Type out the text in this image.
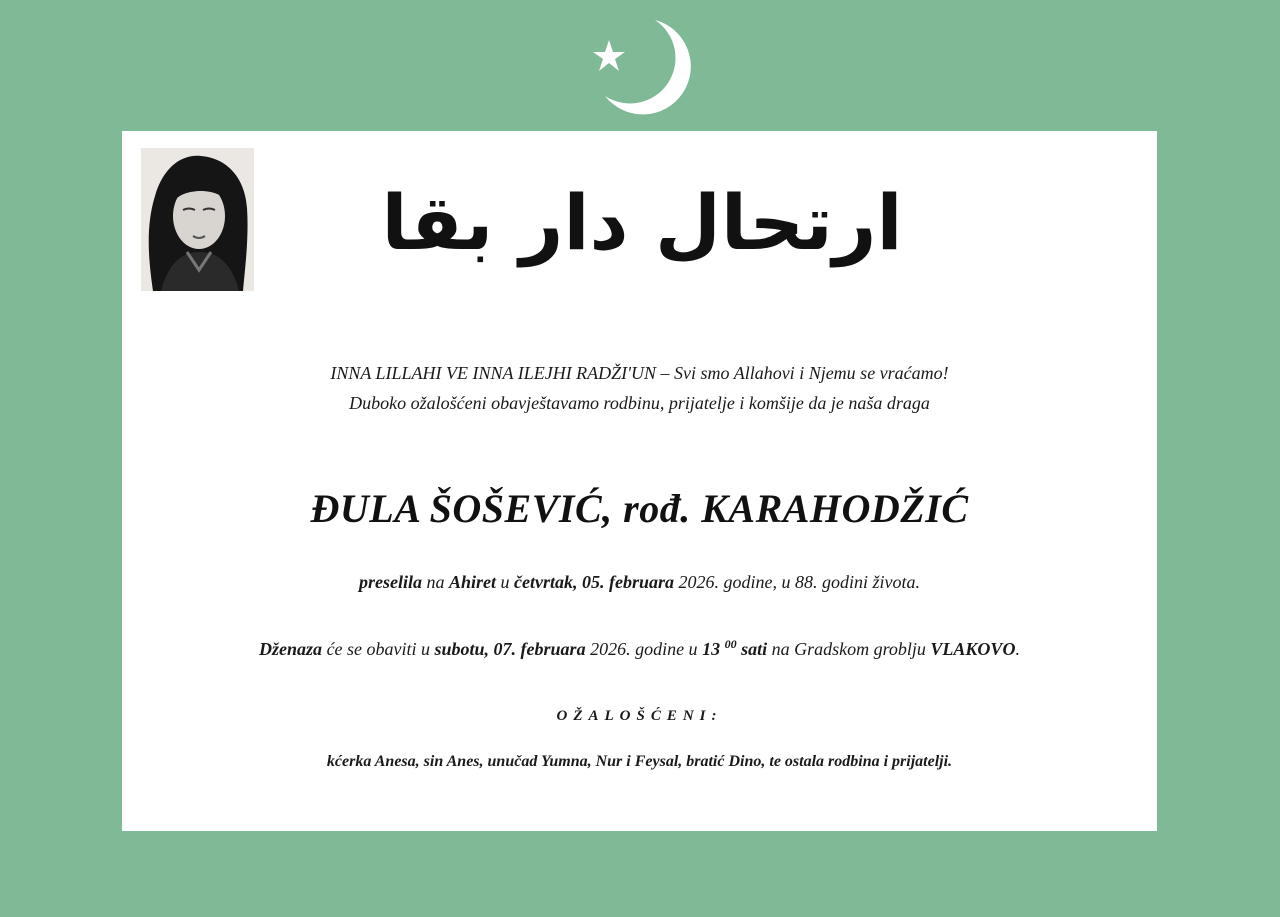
ارتحال دار بقا
INNA LILLAHI VE INNA ILEJHI RADŽI'UN – Svi smo Allahovi i Njemu se vraćamo!
Duboko ožalošćeni obavještavamo rodbinu, prijatelje i komšije da je naša draga
ĐULA ŠOŠEVIĆ, rođ. KARAHODŽIĆ
preselila na Ahiret u četvrtak, 05. februara 2026. godine, u 88. godini života.
Dženaza će se obaviti u subotu, 07. februara 2026. godine u 13 $^{00}$ sati na Gradskom groblju VLAKOVO.
OŽALOŠĆENI:
kćerka Anesa, sin Anes, unučad Yumna, Nur i Feysal, bratić Dino, te ostala rodbina i prijatelji.
